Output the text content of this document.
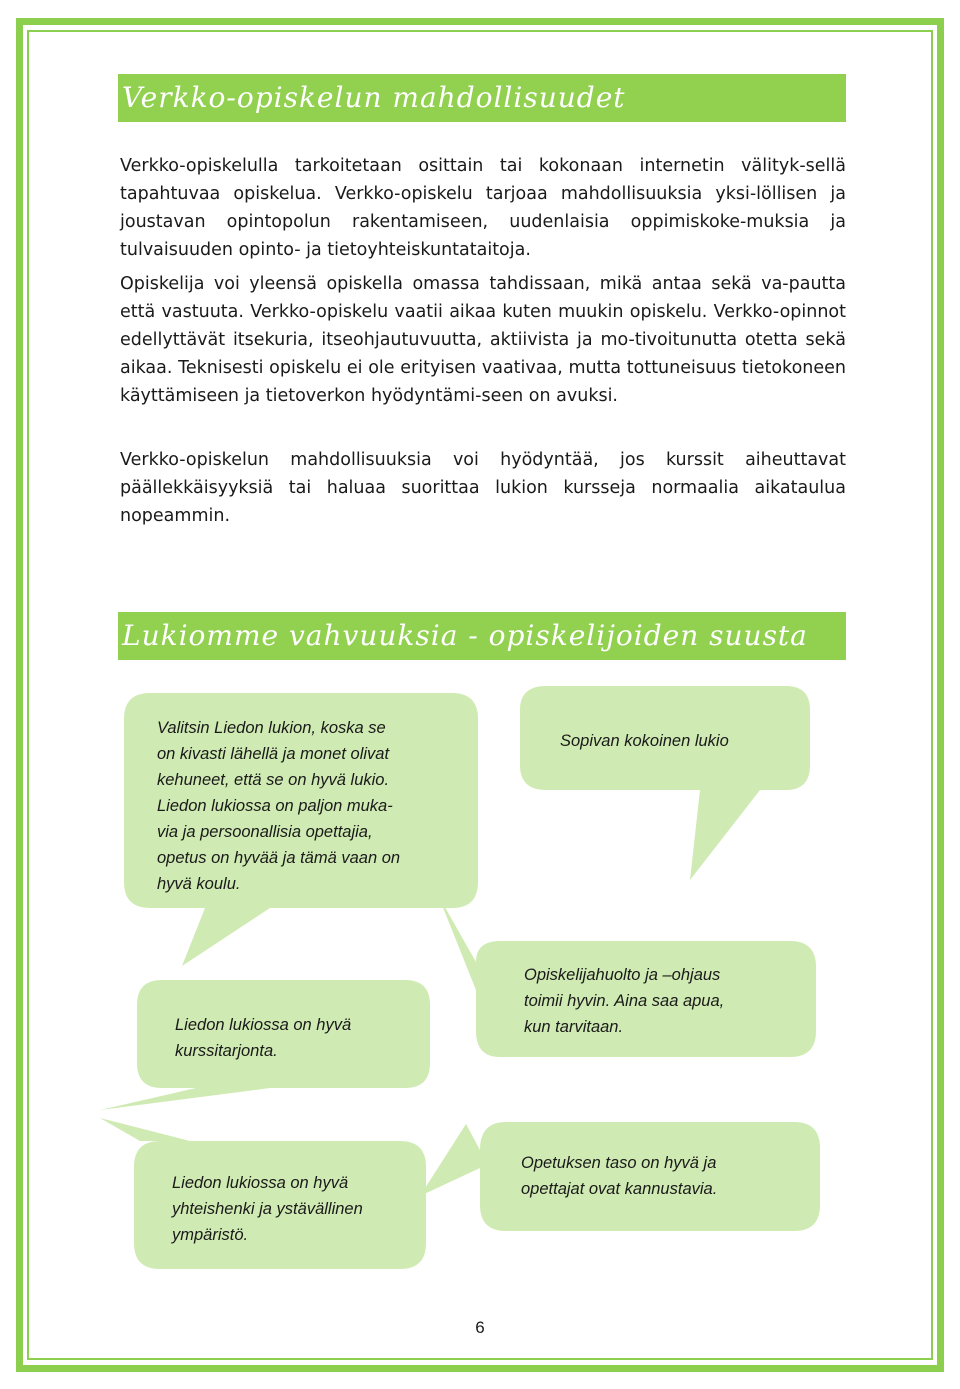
Verkko-opiskelun mahdollisuudet

Verkko-opiskelulla tarkoitetaan osittain tai kokonaan internetin välityk-sellä tapahtuvaa opiskelua. Verkko-opiskelu tarjoaa mahdollisuuksia yksi-löllisen ja joustavan opintopolun rakentamiseen, uudenlaisia oppimiskoke-muksia ja tulvaisuuden opinto- ja tietoyhteiskuntataitoja.

Opiskelija voi yleensä opiskella omassa tahdissaan, mikä antaa sekä va-pautta että vastuuta. Verkko-opiskelu vaatii aikaa kuten muukin opiskelu. Verkko-opinnot edellyttävät itsekuria, itseohjautuvuutta, aktiivista ja mo-tivoitunutta otetta sekä aikaa. Teknisesti opiskelu ei ole erityisen vaativaa, mutta tottuneisuus tietokoneen käyttämiseen ja tietoverkon hyödyntämi-seen on avuksi.

Verkko-opiskelun mahdollisuuksia voi hyödyntää, jos kurssit aiheuttavat päällekkäisyyksiä tai haluaa suorittaa lukion kursseja normaalia aikataulua nopeammin.

Lukiomme vahvuuksia - opiskelijoiden suusta
Valitsin Liedon lukion, koska se
on kivasti lähellä ja monet olivat
kehuneet, että se on hyvä lukio.
Liedon lukiossa on paljon muka-
via ja persoonallisia opettajia,
opetus on hyvää ja tämä vaan on
hyvä koulu.
Sopivan kokoinen lukio
Opiskelijahuolto ja –ohjaus
toimii hyvin. Aina saa apua,
kun tarvitaan.
Liedon lukiossa on hyvä
kurssitarjonta.
Liedon lukiossa on hyvä
yhteishenki ja ystävällinen
ympäristö.
Opetuksen taso on hyvä ja
opettajat ovat kannustavia.
6
